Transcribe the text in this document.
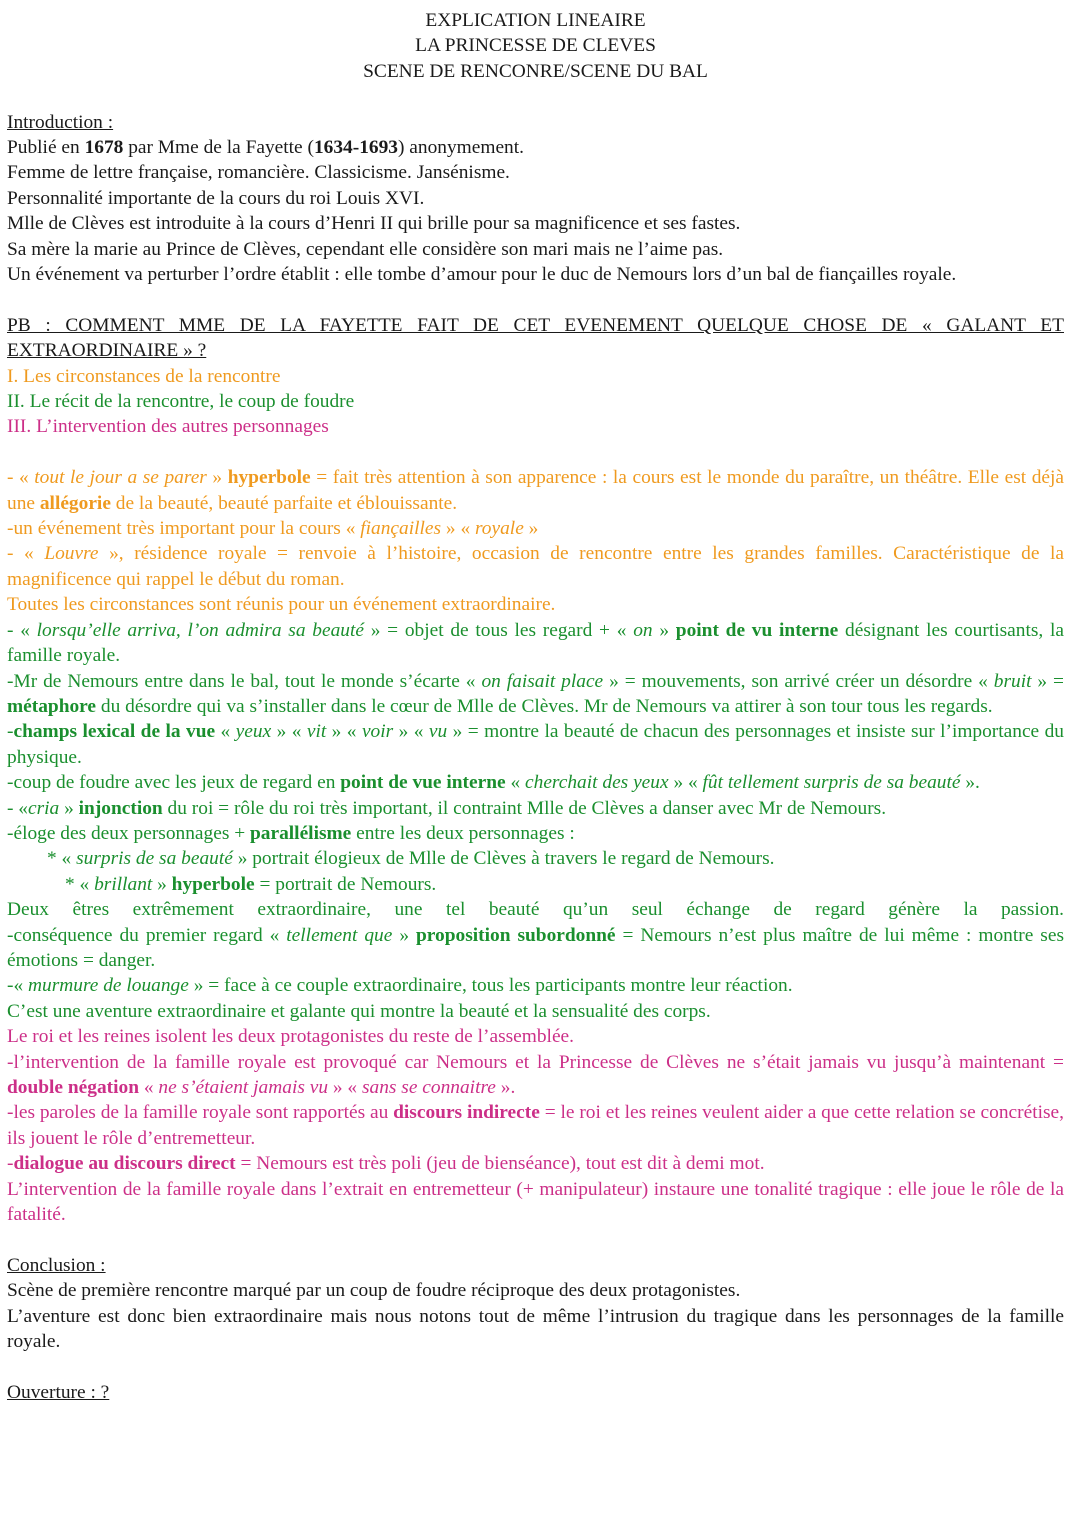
EXPLICATION LINEAIRE
LA PRINCESSE DE CLEVES
SCENE DE RENCONRE/SCENE DU BAL

Introduction :

Publié en 1678 par Mme de la Fayette (1634-1693) anonymement.

Femme de lettre française, romancière. Classicisme. Jansénisme.

Personnalité importante de la cours du roi Louis XVI.

Mlle de Clèves est introduite à la cours d’Henri II qui brille pour sa magnificence et ses fastes.

Sa mère la marie au Prince de Clèves, cependant elle considère son mari mais ne l’aime pas.

Un événement va perturber l’ordre établit : elle tombe d’amour pour le duc de Nemours lors d’un bal de fiançailles royale.

PB : COMMENT MME DE LA FAYETTE FAIT DE CET EVENEMENT QUELQUE CHOSE DE « GALANT ET EXTRAORDINAIRE » ?

I. Les circonstances de la rencontre

II. Le récit de la rencontre, le coup de foudre

III. L’intervention des autres personnages

- « tout le jour a se parer » hyperbole = fait très attention à son apparence : la cours est le monde du paraître, un théâtre. Elle est déjà une allégorie de la beauté, beauté parfaite et éblouissante.

-un événement très important pour la cours « fiançailles » « royale »

- « Louvre », résidence royale = renvoie à l’histoire, occasion de rencontre entre les grandes familles. Caractéristique de la magnificence qui rappel le début du roman.

Toutes les circonstances sont réunis pour un événement extraordinaire.

- « lorsqu’elle arriva, l’on admira sa beauté » = objet de tous les regard + « on » point de vu interne désignant les courtisants, la famille royale.

-Mr de Nemours entre dans le bal, tout le monde s’écarte « on faisait place » = mouvements, son arrivé créer un désordre « bruit » = métaphore du désordre qui va s’installer dans le cœur de Mlle de Clèves. Mr de Nemours va attirer à son tour tous les regards.

-champs lexical de la vue « yeux » « vit » « voir » « vu » = montre la beauté de chacun des personnages et insiste sur l’importance du physique.

-coup de foudre avec les jeux de regard en point de vue interne « cherchait des yeux » « fût tellement surpris de sa beauté ».

- «cria » injonction du roi = rôle du roi très important, il contraint Mlle de Clèves a danser avec Mr de Nemours.

-éloge des deux personnages + parallélisme entre les deux personnages :

* « surpris de sa beauté » portrait élogieux de Mlle de Clèves à travers le regard de Nemours.

* « brillant » hyperbole = portrait de Nemours.

Deux êtres extrêmement extraordinaire, une tel beauté qu’un seul échange de regard génère la passion.

-conséquence du premier regard « tellement que » proposition subordonné = Nemours n’est plus maître de lui même : montre ses émotions = danger.

-« murmure de louange » = face à ce couple extraordinaire, tous les participants montre leur réaction.

C’est une aventure extraordinaire et galante qui montre la beauté et la sensualité des corps.

Le roi et les reines isolent les deux protagonistes du reste de l’assemblée.

-l’intervention de la famille royale est provoqué car Nemours et la Princesse de Clèves ne s’était jamais vu jusqu’à maintenant = double négation « ne s’étaient jamais vu » « sans se connaitre ».

-les paroles de la famille royale sont rapportés au discours indirecte = le roi et les reines veulent aider a que cette relation se concrétise, ils jouent le rôle d’entremetteur.

-dialogue au discours direct = Nemours est très poli (jeu de bienséance), tout est dit à demi mot.

L’intervention de la famille royale dans l’extrait en entremetteur (+ manipulateur) instaure une tonalité tragique : elle joue le rôle de la fatalité.

Conclusion :

Scène de première rencontre marqué par un coup de foudre réciproque des deux protagonistes.

L’aventure est donc bien extraordinaire mais nous notons tout de même l’intrusion du tragique dans les personnages de la famille royale.

Ouverture : ?
